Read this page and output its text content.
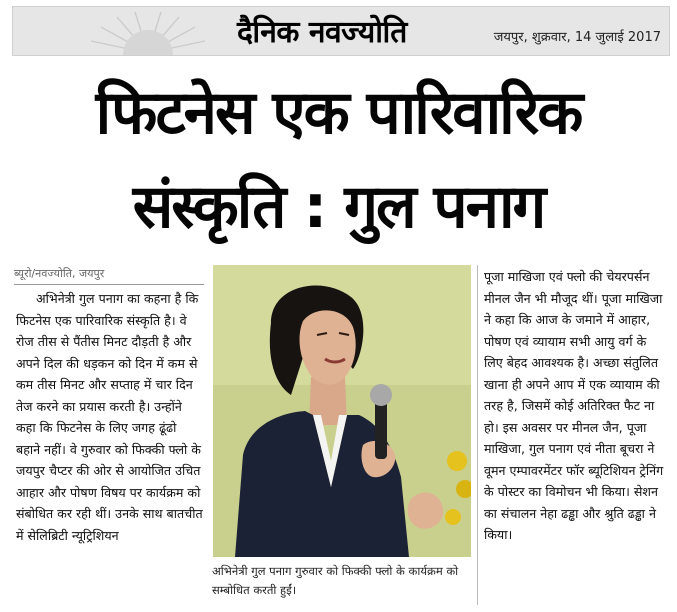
दैनिक नवज्योति	जयपुर, शुक्रवार, 14 जुलाई 2017
फिटनेस एक पारिवारिक
संस्कृति : गुल पनाग
ब्यूरो/नवज्योति, जयपुर
अभिनेत्री गुल पनाग का कहना है कि फिटनेस एक पारिवारिक संस्कृति है। वे रोज तीस से पैंतीस मिनट दौड़ती है और अपने दिल की धड़कन को दिन में कम से कम तीस मिनट और सप्ताह में चार दिन तेज करने का प्रयास करती है। उन्होंने कहा कि फिटनेस के लिए जगह ढूंढो बहाने नहीं। वे गुरुवार को फिक्की फ्लो के जयपुर चैप्टर की ओर से आयोजित उचित आहार और पोषण विषय पर कार्यक्रम को संबोधित कर रही थीं। उनके साथ बातचीत में सेलिब्रिटी न्यूट्रिशियन
अभिनेत्री गुल पनाग गुरुवार को फिक्की फ्लो के कार्यक्रम को सम्बोधित करती हुईं।
पूजा माखिजा एवं फ्लो की चेयरपर्सन मीनल जैन भी मौजूद थीं। पूजा माखिजा ने कहा कि आज के जमाने में आहार, पोषण एवं व्यायाम सभी आयु वर्ग के लिए बेहद आवश्यक है। अच्छा संतुलित खाना ही अपने आप में एक व्यायाम की तरह है, जिसमें कोई अतिरिक्त फैट ना हो। इस अवसर पर मीनल जैन, पूजा माखिजा, गुल पनाग एवं नीता बूचरा ने वूमन एम्पावरमेंटर फॉर ब्यूटिशियन ट्रेनिंग के पोस्टर का विमोचन भी किया। सेशन का संचालन नेहा ढड्ढा और श्रुति ढड्ढा ने किया।
